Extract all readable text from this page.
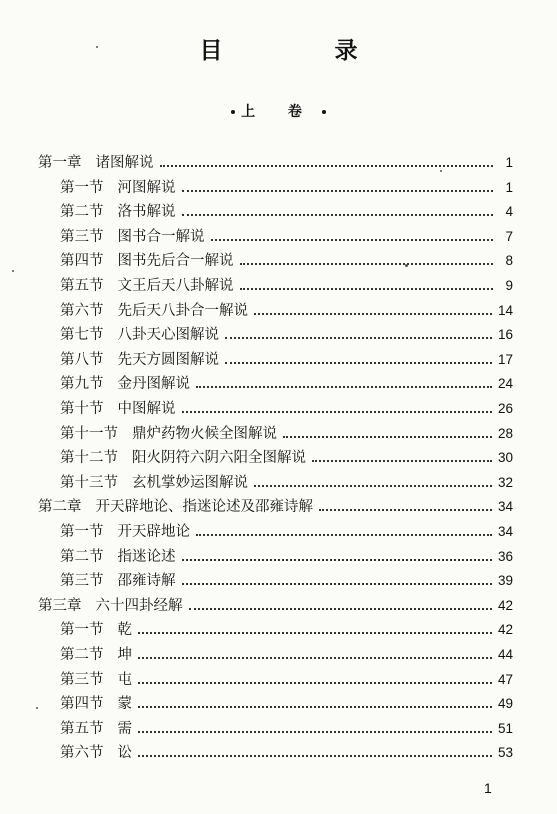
目 录
上 卷
第一章 诸图解说	1
第一节 河图解说	1
第二节 洛书解说	4
第三节 图书合一解说	7
第四节 图书先后合一解说	8
第五节 文王后天八卦解说	9
第六节 先后天八卦合一解说	14
第七节 八卦天心图解说	16
第八节 先天方圆图解说	17
第九节 金丹图解说	24
第十节 中图解说	26
第十一节 鼎炉药物火候全图解说	28
第十二节 阳火阴符六阴六阳全图解说	30
第十三节 玄机掌妙运图解说	32
第二章 开天辟地论、指迷论述及邵雍诗解	34
第一节 开天辟地论	34
第二节 指迷论述	36
第三节 邵雍诗解	39
第三章 六十四卦经解	42
第一节 乾	42
第二节 坤	44
第三节 屯	47
第四节 蒙	49
第五节 需	51
第六节 讼	53
1
